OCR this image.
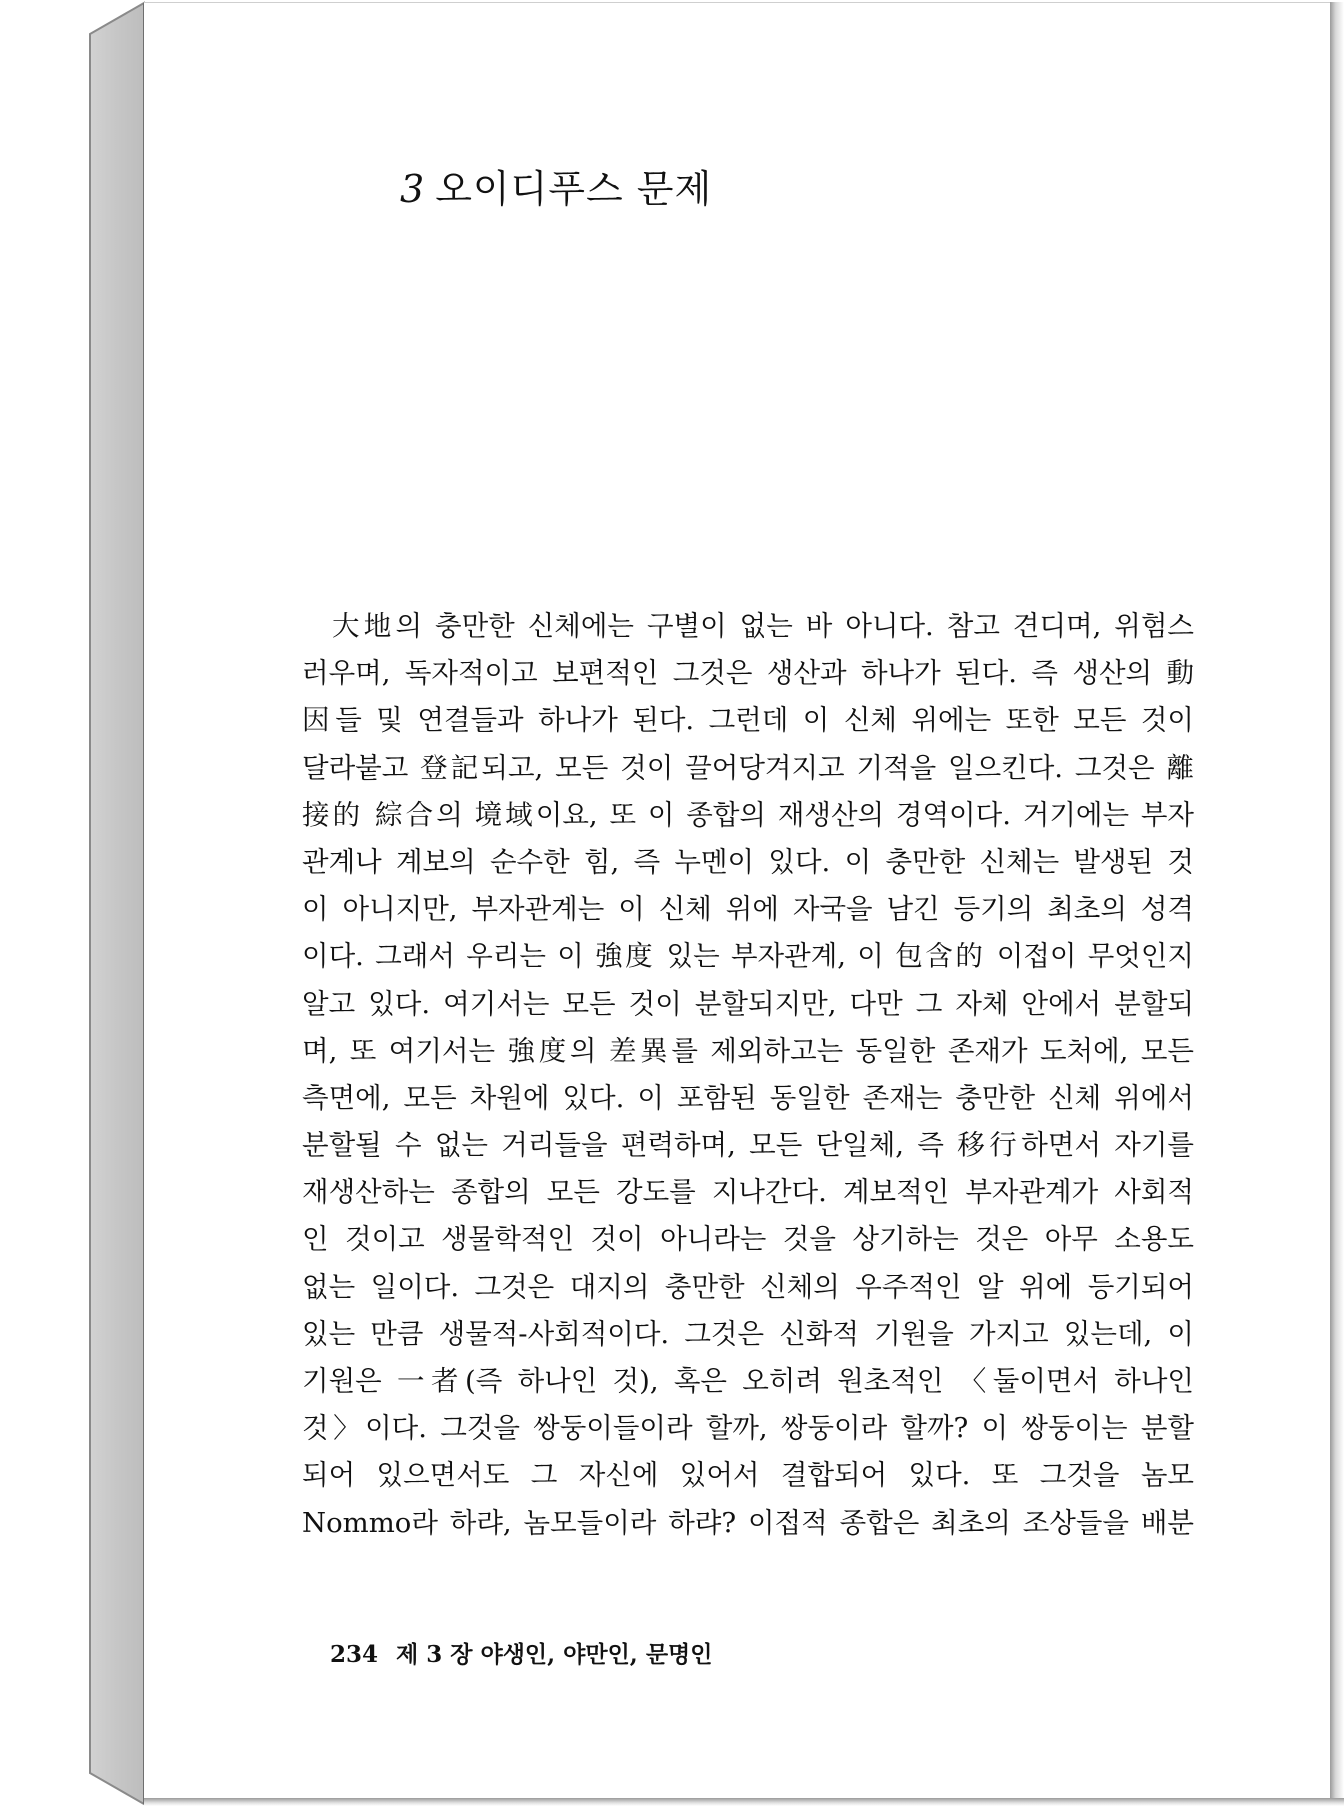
3 오이디푸스 문제
大地의 충만한 신체에는 구별이 없는 바 아니다. 참고 견디며, 위험스
러우며, 독자적이고 보편적인 그것은 생산과 하나가 된다. 즉 생산의 動
因들 및 연결들과 하나가 된다. 그런데 이 신체 위에는 또한 모든 것이
달라붙고 登記되고, 모든 것이 끌어당겨지고 기적을 일으킨다. 그것은 離
接的 綜合의 境域이요, 또 이 종합의 재생산의 경역이다. 거기에는 부자
관계나 계보의 순수한 힘, 즉 누멘이 있다. 이 충만한 신체는 발생된 것
이 아니지만, 부자관계는 이 신체 위에 자국을 남긴 등기의 최초의 성격
이다. 그래서 우리는 이 強度 있는 부자관계, 이 包含的 이접이 무엇인지
알고 있다. 여기서는 모든 것이 분할되지만, 다만 그 자체 안에서 분할되
며, 또 여기서는 強度의 差異를 제외하고는 동일한 존재가 도처에, 모든
측면에, 모든 차원에 있다. 이 포함된 동일한 존재는 충만한 신체 위에서
분할될 수 없는 거리들을 편력하며, 모든 단일체, 즉 移行하면서 자기를
재생산하는 종합의 모든 강도를 지나간다. 계보적인 부자관계가 사회적
인 것이고 생물학적인 것이 아니라는 것을 상기하는 것은 아무 소용도
없는 일이다. 그것은 대지의 충만한 신체의 우주적인 알 위에 등기되어
있는 만큼 생물적-사회적이다. 그것은 신화적 기원을 가지고 있는데, 이
기원은 一者(즉 하나인 것), 혹은 오히려 원초적인 〈둘이면서 하나인
것〉이다. 그것을 쌍둥이들이라 할까, 쌍둥이라 할까? 이 쌍둥이는 분할
되어 있으면서도 그 자신에 있어서 결합되어 있다. 또 그것을 놈모
Nommo라 하랴, 놈모들이라 하랴? 이접적 종합은 최초의 조상들을 배분
234 제 3 장 야생인, 야만인, 문명인
